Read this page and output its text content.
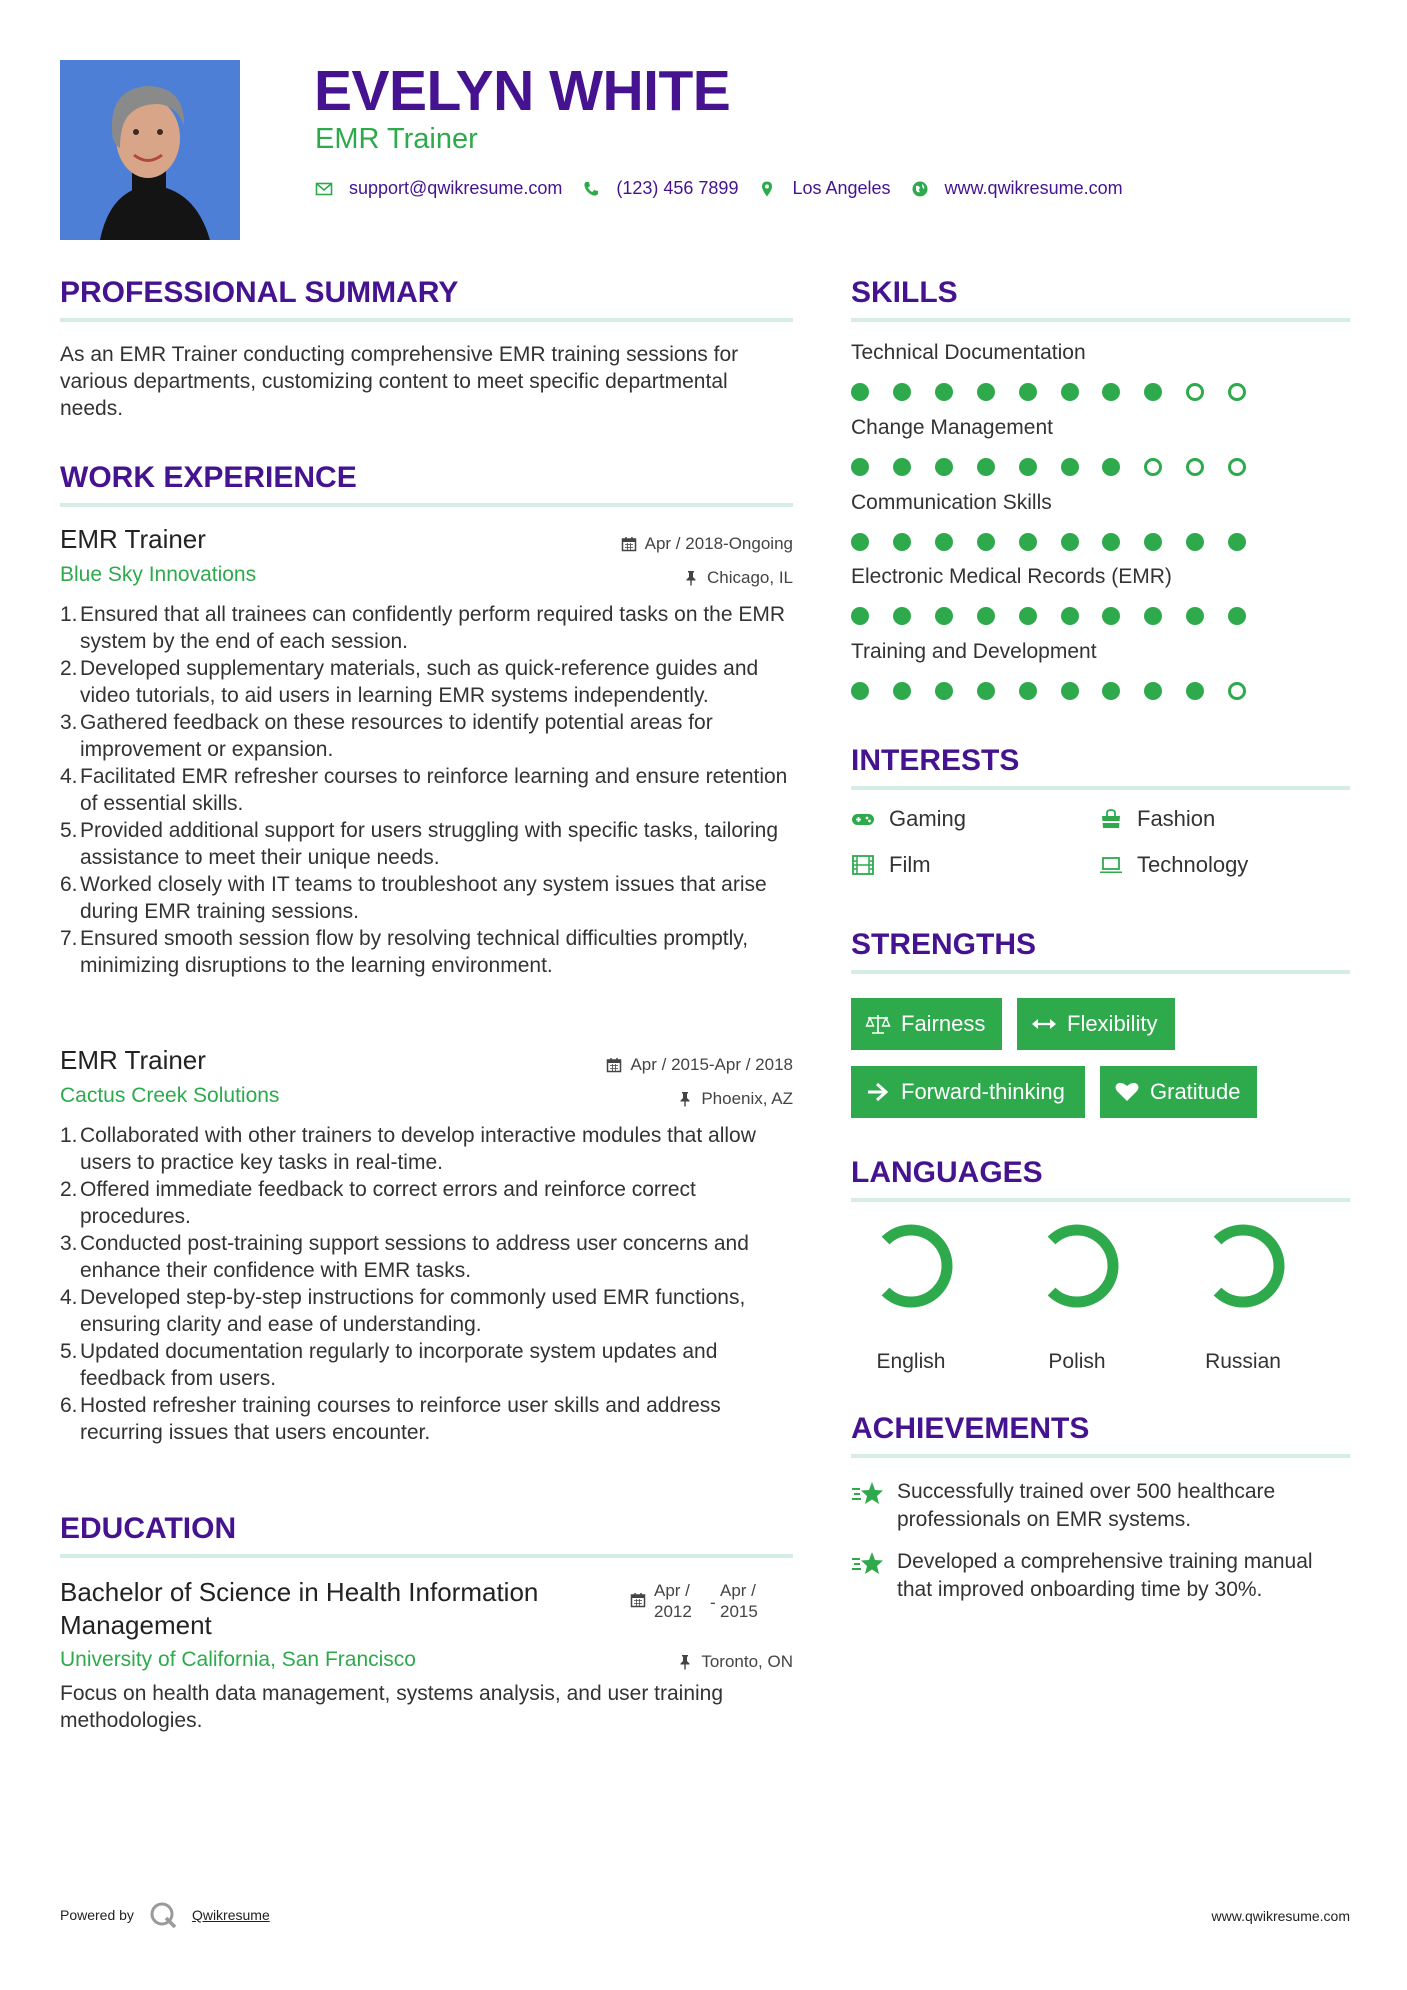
EVELYN WHITE
EMR Trainer
support@qwikresume.com	(123) 456 7899	Los Angeles	www.qwikresume.com
PROFESSIONAL SUMMARY
As an EMR Trainer conducting comprehensive EMR training sessions for various departments, customizing content to meet specific departmental needs.
WORK EXPERIENCE
EMR Trainer	Apr / 2018-Ongoing
Blue Sky Innovations	Chicago, IL
1. Ensured that all trainees can confidently perform required tasks on the EMR system by the end of each session.
2. Developed supplementary materials, such as quick-reference guides and video tutorials, to aid users in learning EMR systems independently.
3. Gathered feedback on these resources to identify potential areas for improvement or expansion.
4. Facilitated EMR refresher courses to reinforce learning and ensure retention of essential skills.
5. Provided additional support for users struggling with specific tasks, tailoring assistance to meet their unique needs.
6. Worked closely with IT teams to troubleshoot any system issues that arise during EMR training sessions.
7. Ensured smooth session flow by resolving technical difficulties promptly, minimizing disruptions to the learning environment.
EMR Trainer	Apr / 2015-Apr / 2018
Cactus Creek Solutions	Phoenix, AZ
1. Collaborated with other trainers to develop interactive modules that allow users to practice key tasks in real-time.
2. Offered immediate feedback to correct errors and reinforce correct procedures.
3. Conducted post-training support sessions to address user concerns and enhance their confidence with EMR tasks.
4. Developed step-by-step instructions for commonly used EMR functions, ensuring clarity and ease of understanding.
5. Updated documentation regularly to incorporate system updates and feedback from users.
6. Hosted refresher training courses to reinforce user skills and address recurring issues that users encounter.
EDUCATION
Bachelor of Science in Health Information Management
Apr /
2012	-
Apr /
2015
University of California, San Francisco	Toronto, ON
Focus on health data management, systems analysis, and user training methodologies.
SKILLS
Technical Documentation
Change Management
Communication Skills
Electronic Medical Records (EMR)
Training and Development
INTERESTS
Gaming	Fashion
Film	Technology
STRENGTHS
Fairness	Flexibility
Forward-thinking	Gratitude
LANGUAGES
English	Polish	Russian
ACHIEVEMENTS
Successfully trained over 500 healthcare professionals on EMR systems.
Developed a comprehensive training manual that improved onboarding time by 30%.
Powered by	Qwikresume	www.qwikresume.com
